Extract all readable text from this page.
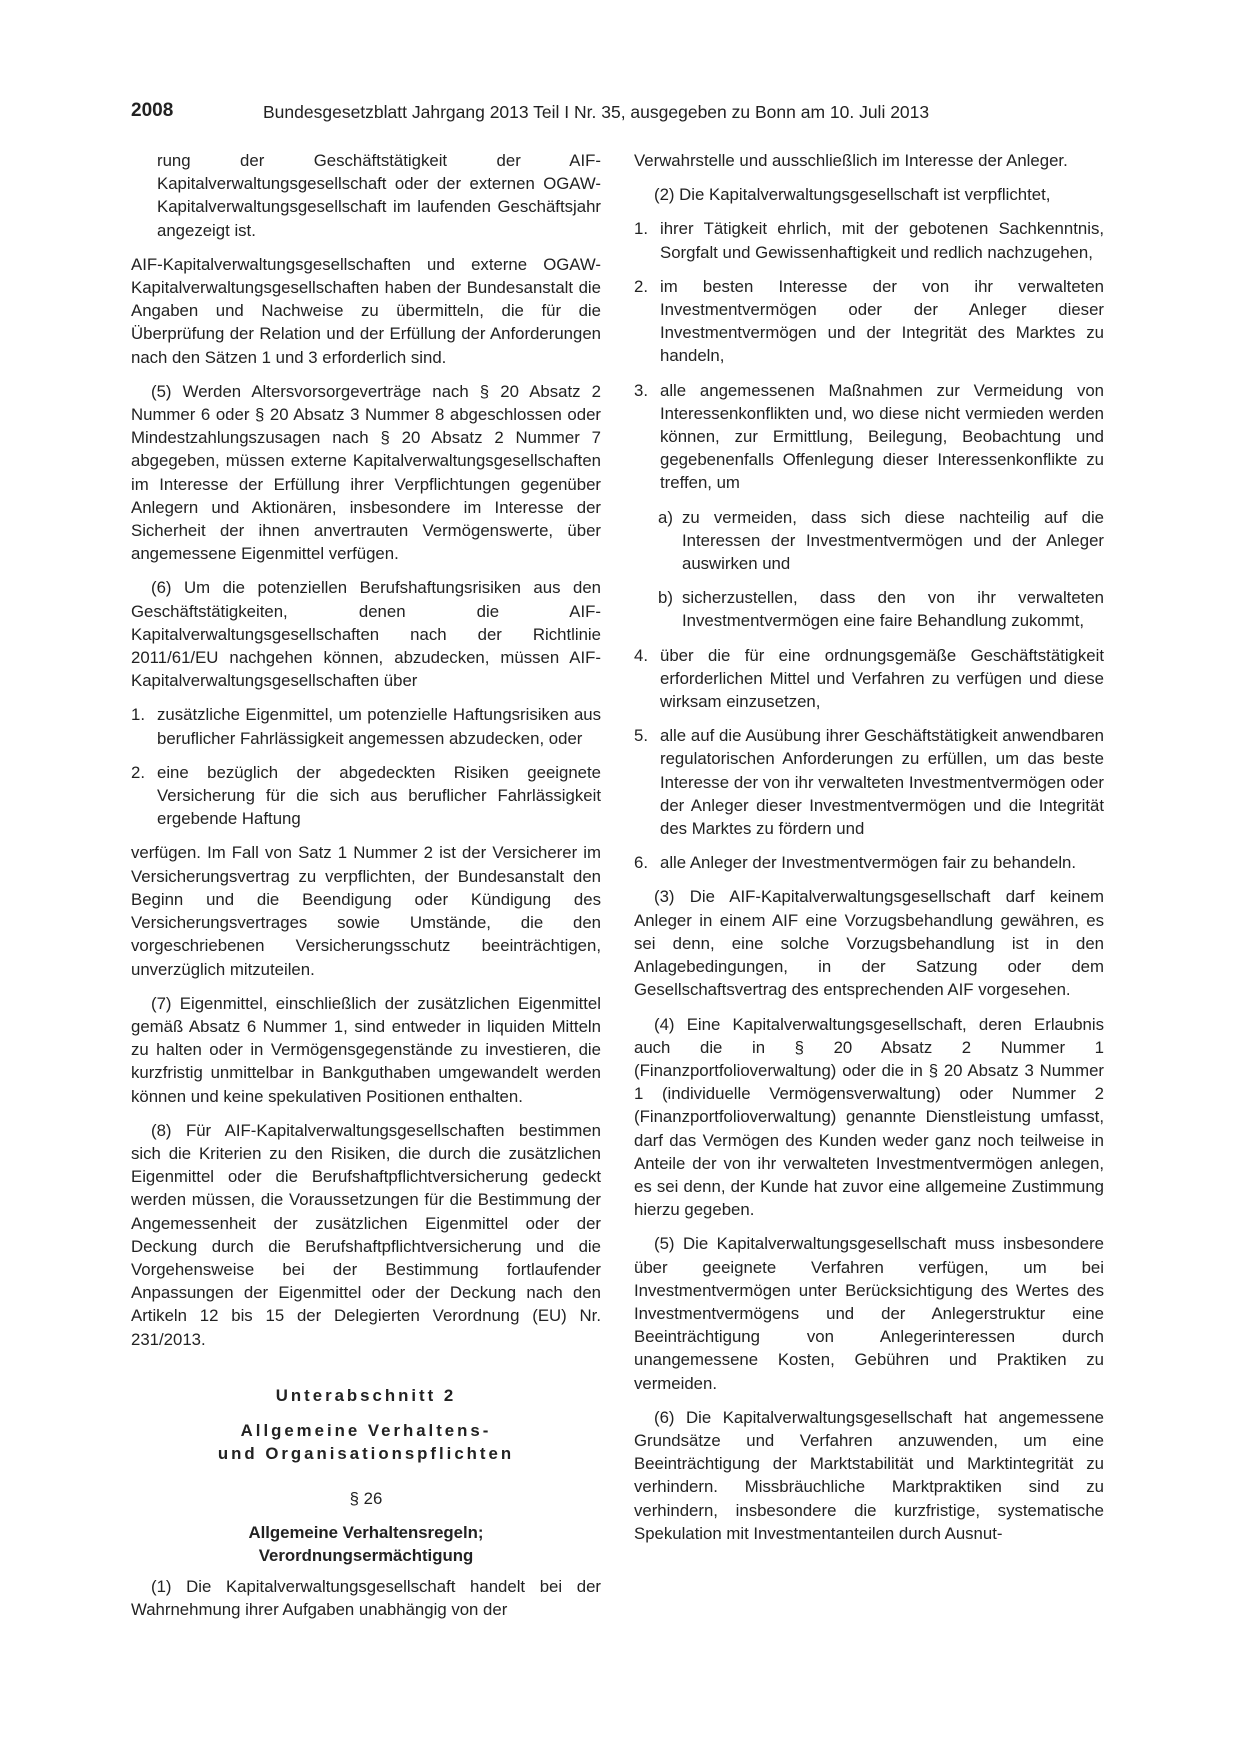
2008	Bundesgesetzblatt Jahrgang 2013 Teil I Nr. 35, ausgegeben zu Bonn am 10. Juli 2013
rung der Geschäftstätigkeit der AIF-Kapitalverwaltungsgesellschaft oder der externen OGAW-Kapitalverwaltungsgesellschaft im laufenden Geschäftsjahr angezeigt ist.

AIF-Kapitalverwaltungsgesellschaften und externe OGAW-Kapitalverwaltungsgesellschaften haben der Bundesanstalt die Angaben und Nachweise zu übermitteln, die für die Überprüfung der Relation und der Erfüllung der Anforderungen nach den Sätzen 1 und 3 erforderlich sind.

(5) Werden Altersvorsorgeverträge nach § 20 Absatz 2 Nummer 6 oder § 20 Absatz 3 Nummer 8 abgeschlossen oder Mindestzahlungszusagen nach § 20 Absatz 2 Nummer 7 abgegeben, müssen externe Kapitalverwaltungsgesellschaften im Interesse der Erfüllung ihrer Verpflichtungen gegenüber Anlegern und Aktionären, insbesondere im Interesse der Sicherheit der ihnen anvertrauten Vermögenswerte, über angemessene Eigenmittel verfügen.

(6) Um die potenziellen Berufshaftungsrisiken aus den Geschäftstätigkeiten, denen die AIF-Kapitalverwaltungsgesellschaften nach der Richtlinie 2011/61/EU nachgehen können, abzudecken, müssen AIF-Kapitalverwaltungsgesellschaften über

1. zusätzliche Eigenmittel, um potenzielle Haftungsrisiken aus beruflicher Fahrlässigkeit angemessen abzudecken, oder
2. eine bezüglich der abgedeckten Risiken geeignete Versicherung für die sich aus beruflicher Fahrlässigkeit ergebende Haftung

verfügen. Im Fall von Satz 1 Nummer 2 ist der Versicherer im Versicherungsvertrag zu verpflichten, der Bundesanstalt den Beginn und die Beendigung oder Kündigung des Versicherungsvertrages sowie Umstände, die den vorgeschriebenen Versicherungsschutz beeinträchtigen, unverzüglich mitzuteilen.

(7) Eigenmittel, einschließlich der zusätzlichen Eigenmittel gemäß Absatz 6 Nummer 1, sind entweder in liquiden Mitteln zu halten oder in Vermögensgegenstände zu investieren, die kurzfristig unmittelbar in Bankguthaben umgewandelt werden können und keine spekulativen Positionen enthalten.

(8) Für AIF-Kapitalverwaltungsgesellschaften bestimmen sich die Kriterien zu den Risiken, die durch die zusätzlichen Eigenmittel oder die Berufshaftpflichtversicherung gedeckt werden müssen, die Voraussetzungen für die Bestimmung der Angemessenheit der zusätzlichen Eigenmittel oder der Deckung durch die Berufshaftpflichtversicherung und die Vorgehensweise bei der Bestimmung fortlaufender Anpassungen der Eigenmittel oder der Deckung nach den Artikeln 12 bis 15 der Delegierten Verordnung (EU) Nr. 231/2013.

Unterabschnitt 2
Allgemeine Verhaltens-
und Organisationspflichten
§ 26
Allgemeine Verhaltensregeln;
Verordnungsermächtigung

(1) Die Kapitalverwaltungsgesellschaft handelt bei der Wahrnehmung ihrer Aufgaben unabhängig von der

Verwahrstelle und ausschließlich im Interesse der Anleger.

(2) Die Kapitalverwaltungsgesellschaft ist verpflichtet,

1. ihrer Tätigkeit ehrlich, mit der gebotenen Sachkenntnis, Sorgfalt und Gewissenhaftigkeit und redlich nachzugehen,
2. im besten Interesse der von ihr verwalteten Investmentvermögen oder der Anleger dieser Investmentvermögen und der Integrität des Marktes zu handeln,
3. alle angemessenen Maßnahmen zur Vermeidung von Interessenkonflikten und, wo diese nicht vermieden werden können, zur Ermittlung, Beilegung, Beobachtung und gegebenenfalls Offenlegung dieser Interessenkonflikte zu treffen, um
a) zu vermeiden, dass sich diese nachteilig auf die Interessen der Investmentvermögen und der Anleger auswirken und
b) sicherzustellen, dass den von ihr verwalteten Investmentvermögen eine faire Behandlung zukommt,
4. über die für eine ordnungsgemäße Geschäftstätigkeit erforderlichen Mittel und Verfahren zu verfügen und diese wirksam einzusetzen,
5. alle auf die Ausübung ihrer Geschäftstätigkeit anwendbaren regulatorischen Anforderungen zu erfüllen, um das beste Interesse der von ihr verwalteten Investmentvermögen oder der Anleger dieser Investmentvermögen und die Integrität des Marktes zu fördern und
6. alle Anleger der Investmentvermögen fair zu behandeln.

(3) Die AIF-Kapitalverwaltungsgesellschaft darf keinem Anleger in einem AIF eine Vorzugsbehandlung gewähren, es sei denn, eine solche Vorzugsbehandlung ist in den Anlagebedingungen, in der Satzung oder dem Gesellschaftsvertrag des entsprechenden AIF vorgesehen.

(4) Eine Kapitalverwaltungsgesellschaft, deren Erlaubnis auch die in § 20 Absatz 2 Nummer 1 (Finanzportfolioverwaltung) oder die in § 20 Absatz 3 Nummer 1 (individuelle Vermögensverwaltung) oder Nummer 2 (Finanzportfolioverwaltung) genannte Dienstleistung umfasst, darf das Vermögen des Kunden weder ganz noch teilweise in Anteile der von ihr verwalteten Investmentvermögen anlegen, es sei denn, der Kunde hat zuvor eine allgemeine Zustimmung hierzu gegeben.

(5) Die Kapitalverwaltungsgesellschaft muss insbesondere über geeignete Verfahren verfügen, um bei Investmentvermögen unter Berücksichtigung des Wertes des Investmentvermögens und der Anlegerstruktur eine Beeinträchtigung von Anlegerinteressen durch unangemessene Kosten, Gebühren und Praktiken zu vermeiden.

(6) Die Kapitalverwaltungsgesellschaft hat angemessene Grundsätze und Verfahren anzuwenden, um eine Beeinträchtigung der Marktstabilität und Marktintegrität zu verhindern. Missbräuchliche Marktpraktiken sind zu verhindern, insbesondere die kurzfristige, systematische Spekulation mit Investmentanteilen durch Ausnut-
